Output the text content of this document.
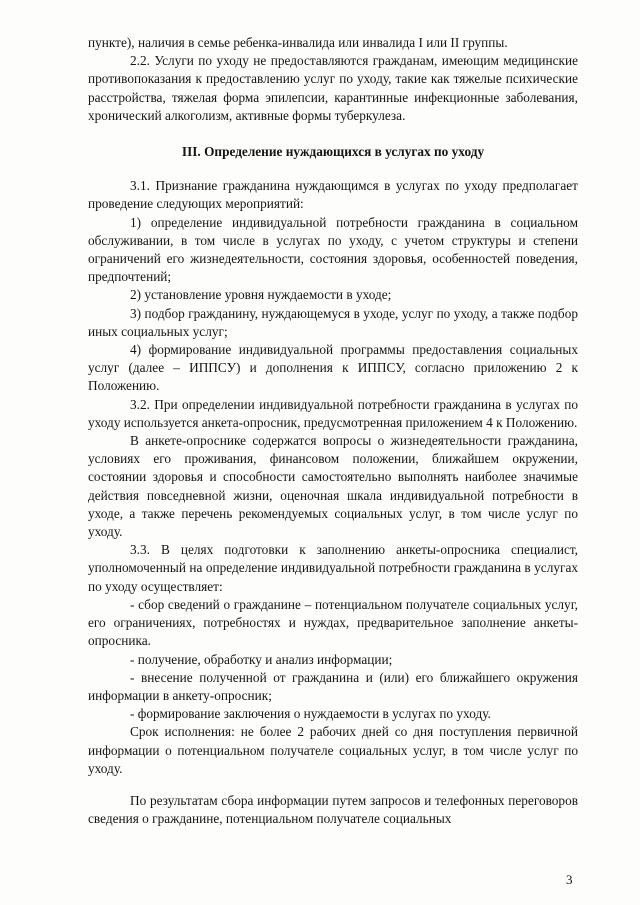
пункте), наличия в семье ребенка-инвалида или инвалида I или II группы.

2.2. Услуги по уходу не предоставляются гражданам, имеющим медицинские противопоказания к предоставлению услуг по уходу, такие как тяжелые психические расстройства, тяжелая форма эпилепсии, карантинные инфекционные заболевания, хронический алкоголизм, активные формы туберкулеза.

III. Определение нуждающихся в услугах по уходу

3.1. Признание гражданина нуждающимся в услугах по уходу предполагает проведение следующих мероприятий:

1) определение индивидуальной потребности гражданина в социальном обслуживании, в том числе в услугах по уходу, с учетом структуры и степени ограничений его жизнедеятельности, состояния здоровья, особенностей поведения, предпочтений;

2) установление уровня нуждаемости в уходе;

3) подбор гражданину, нуждающемуся в уходе, услуг по уходу, а также подбор иных социальных услуг;

4) формирование индивидуальной программы предоставления социальных услуг (далее – ИППСУ) и дополнения к ИППСУ, согласно приложению 2 к Положению.

3.2. При определении индивидуальной потребности гражданина в услугах по уходу используется анкета-опросник, предусмотренная приложением 4 к Положению.

В анкете-опроснике содержатся вопросы о жизнедеятельности гражданина, условиях его проживания, финансовом положении, ближайшем окружении, состоянии здоровья и способности самостоятельно выполнять наиболее значимые действия повседневной жизни, оценочная шкала индивидуальной потребности в уходе, а также перечень рекомендуемых социальных услуг, в том числе услуг по уходу.

3.3. В целях подготовки к заполнению анкеты-опросника специалист, уполномоченный на определение индивидуальной потребности гражданина в услугах по уходу осуществляет:

- сбор сведений о гражданине – потенциальном получателе социальных услуг, его ограничениях, потребностях и нуждах, предварительное заполнение анкеты-опросника.

- получение, обработку и анализ информации;

- внесение полученной от гражданина и (или) его ближайшего окружения информации в анкету-опросник;

- формирование заключения о нуждаемости в услугах по уходу.

Срок исполнения: не более 2 рабочих дней со дня поступления первичной информации о потенциальном получателе социальных услуг, в том числе услуг по уходу.

По результатам сбора информации путем запросов и телефонных переговоров сведения о гражданине, потенциальном получателе социальных

3
